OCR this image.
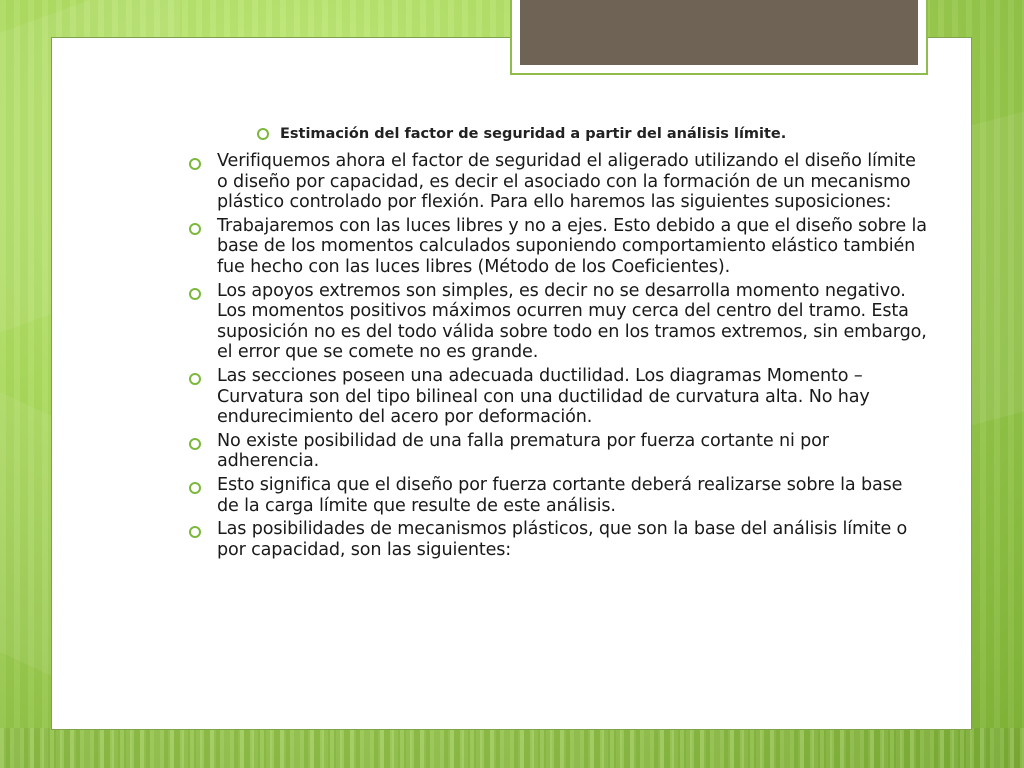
Estimación del factor de seguridad a partir del análisis límite.
Verifiquemos ahora el factor de seguridad el aligerado utilizando el diseño límite o diseño por capacidad, es decir el asociado con la formación de un mecanismo plástico controlado por flexión. Para ello haremos las siguientes suposiciones:
Trabajaremos con las luces libres y no a ejes. Esto debido a que el diseño sobre la base de los momentos calculados suponiendo comportamiento elástico también fue hecho con las luces libres (Método de los Coeficientes).
Los apoyos extremos son simples, es decir no se desarrolla momento negativo. Los momentos positivos máximos ocurren muy cerca del centro del tramo. Esta suposición no es del todo válida sobre todo en los tramos extremos, sin embargo, el error que se comete no es grande.
Las secciones poseen una adecuada ductilidad. Los diagramas Momento – Curvatura son del tipo bilineal con una ductilidad de curvatura alta. No hay endurecimiento del acero por deformación.
No existe posibilidad de una falla prematura por fuerza cortante ni por adherencia.
Esto significa que el diseño por fuerza cortante deberá realizarse sobre la base de la carga límite que resulte de este análisis.
Las posibilidades de mecanismos plásticos, que son la base del análisis límite o por capacidad, son las siguientes:
